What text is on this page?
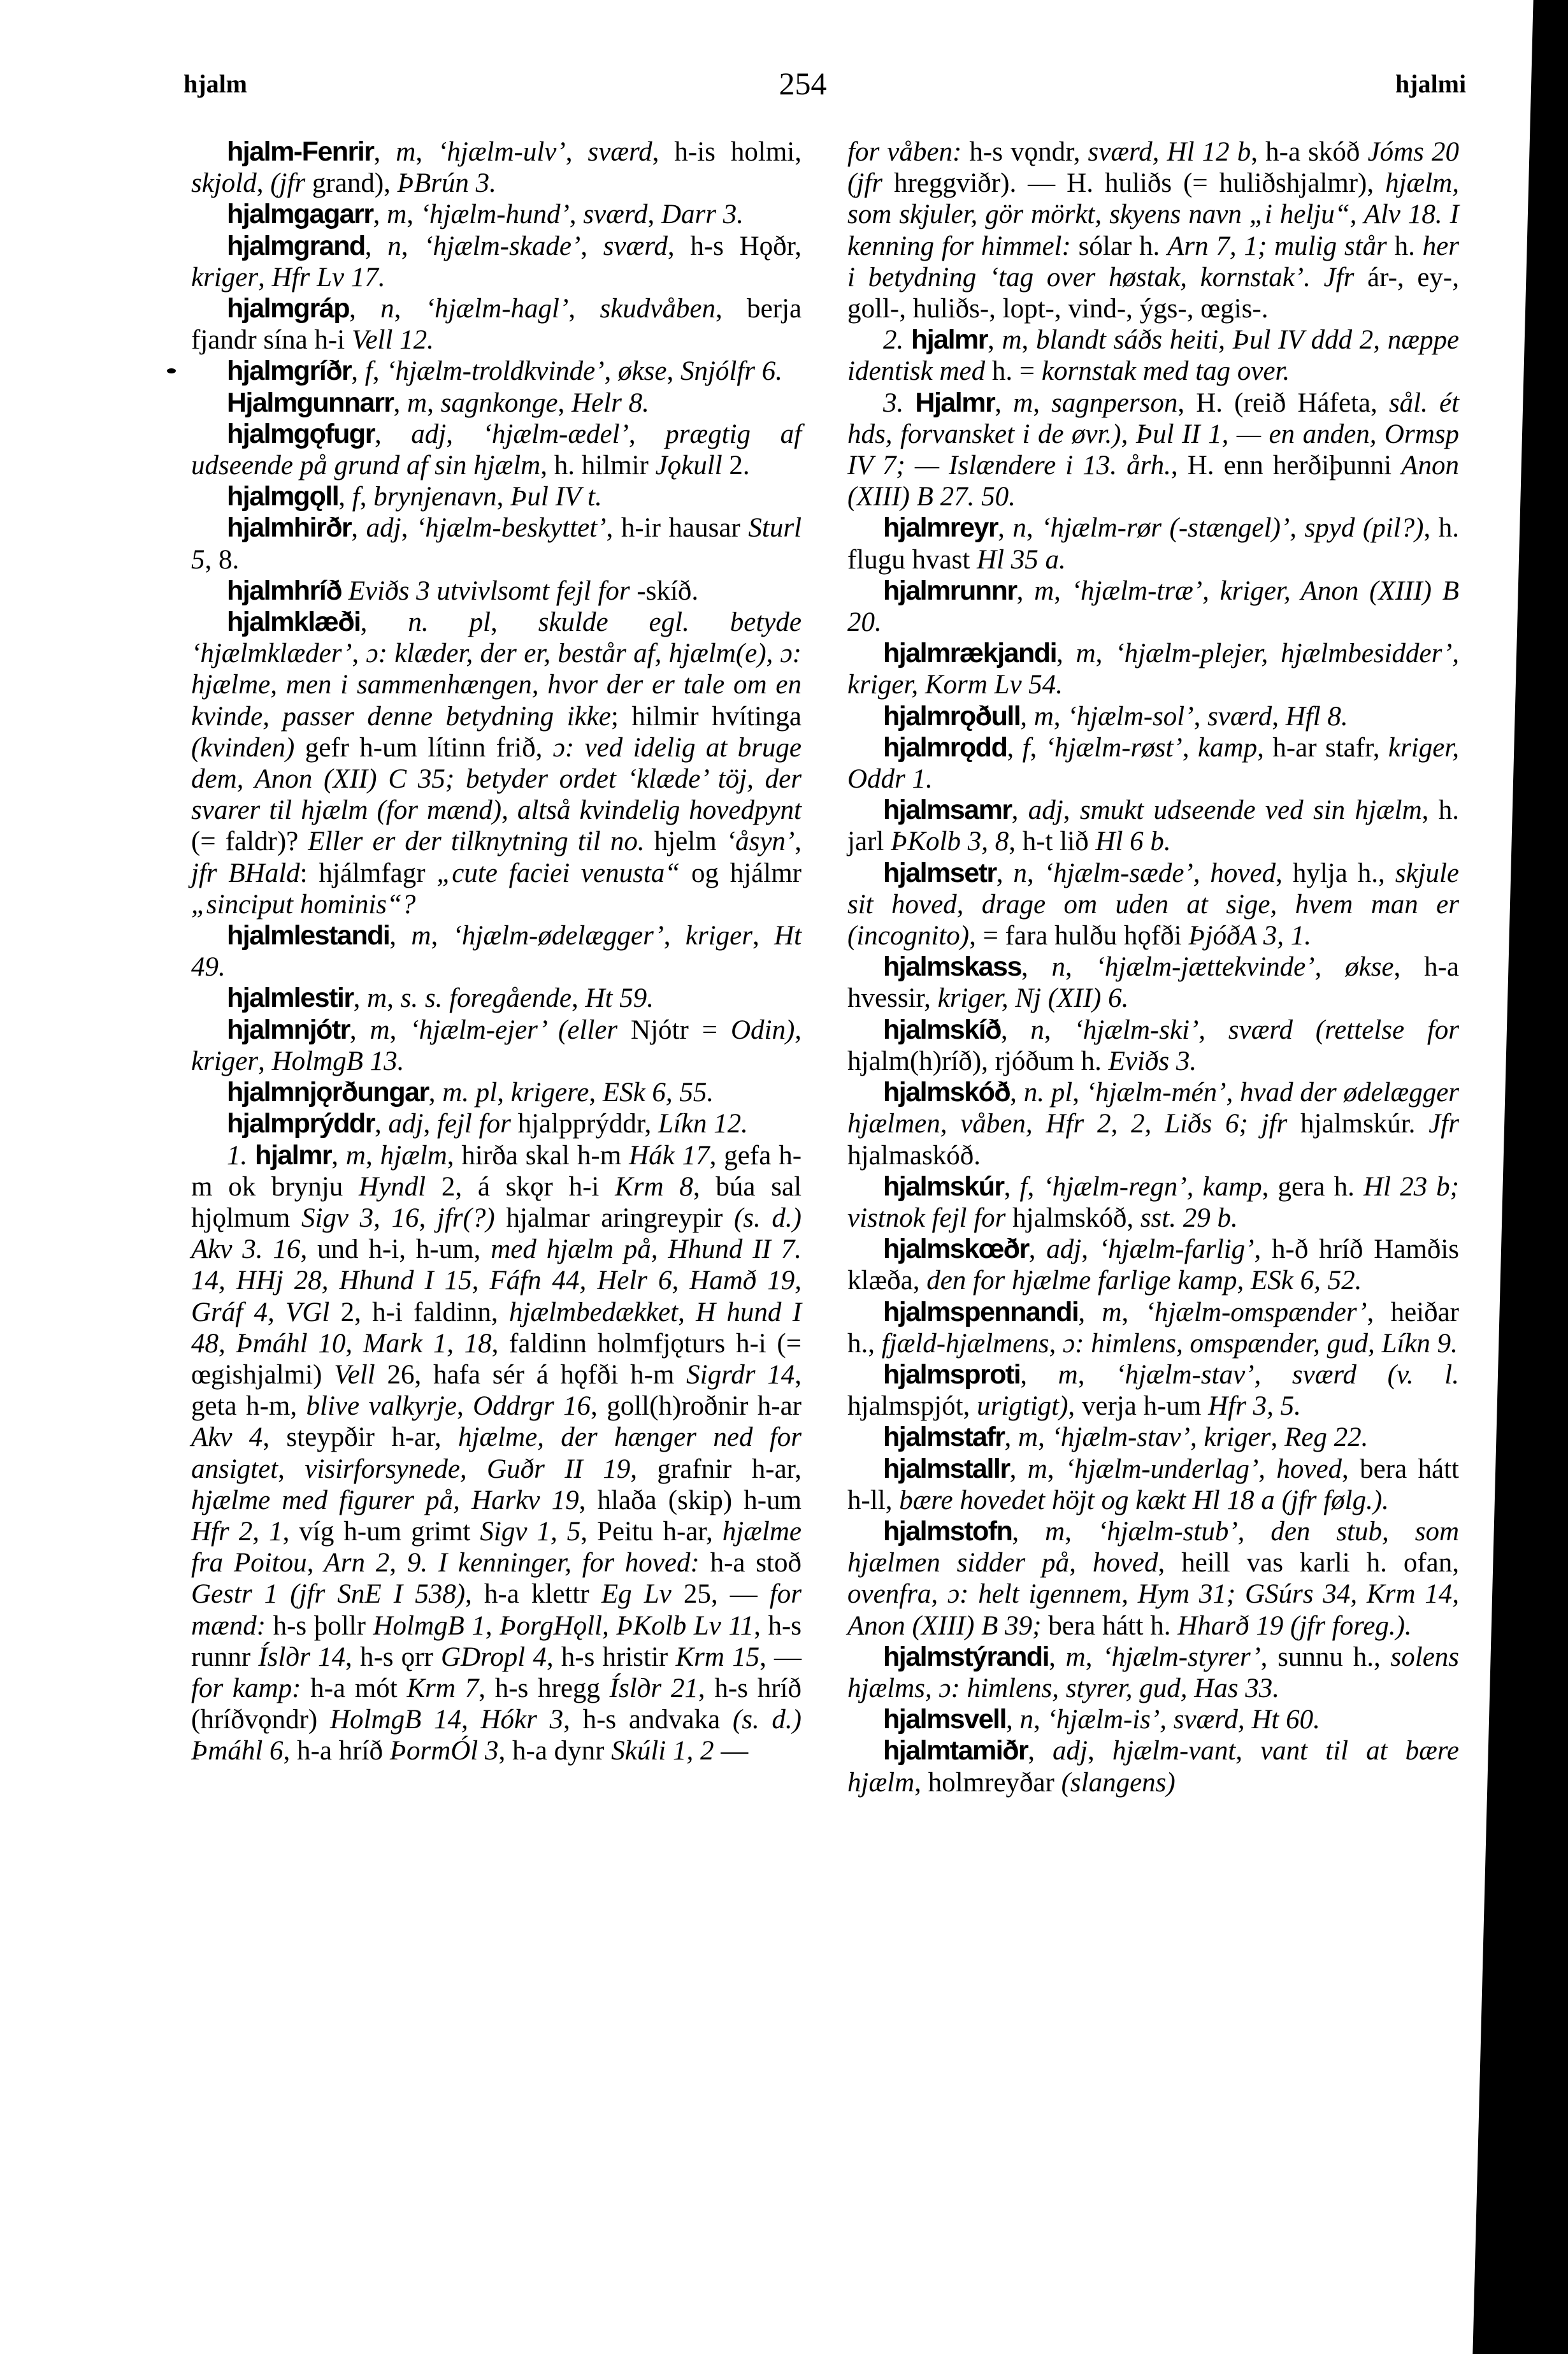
hjalm	254	hjalmi

hjalm-Fenrir, m, ‘hjælm-ulv’, sværd, h-is holmi, skjold, (jfr grand), ÞBrún 3.

hjalmgagarr, m, ‘hjælm-hund’, sværd, Darr 3.

hjalmgrand, n, ‘hjælm-skade’, sværd, h-s Hǫðr, kriger, Hfr Lv 17.

hjalmgráp, n, ‘hjælm-hagl’, skudvåben, berja fjandr sína h-i Vell 12.

hjalmgríðr, f, ‘hjælm-troldkvinde’, økse, Snjólfr 6.

Hjalmgunnarr, m, sagnkonge, Helr 8.

hjalmgǫfugr, adj, ‘hjælm-ædel’, prægtig af udseende på grund af sin hjælm, h. hilmir Jǫkull 2.

hjalmgǫll, f, brynjenavn, Þul IV t.

hjalmhirðr, adj, ‘hjælm-beskyttet’, h-ir hausar Sturl 5, 8.

hjalmhríð Eviðs 3 utvivlsomt fejl for -skíð.

hjalmklæði, n. pl, skulde egl. betyde ‘hjælmklæder’, ɔ: klæder, der er, består af, hjælm(e), ɔ: hjælme, men i sammenhængen, hvor der er tale om en kvinde, passer denne betydning ikke; hilmir hvítinga (kvinden) gefr h-um lítinn frið, ɔ: ved idelig at bruge dem, Anon (XII) C 35; betyder ordet ‘klæde’ töj, der svarer til hjælm (for mænd), altså kvindelig hovedpynt (= faldr)? Eller er der tilknytning til no. hjelm ‘åsyn’, jfr BHald: hjálmfagr „cute faciei venusta“ og hjálmr „sinciput hominis“?

hjalmlestandi, m, ‘hjælm-ødelægger’, kriger, Ht 49.

hjalmlestir, m, s. s. foregående, Ht 59.

hjalmnjótr, m, ‘hjælm-ejer’ (eller Njótr = Odin), kriger, HolmgB 13.

hjalmnjǫrðungar, m. pl, krigere, ESk 6, 55.

hjalmprýddr, adj, fejl for hjalpprýddr, Líkn 12.

1. hjalmr, m, hjælm, hirða skal h-m Hák 17, gefa h-m ok brynju Hyndl 2, á skǫr h-i Krm 8, búa sal hjǫlmum Sigv 3, 16, jfr(?) hjalmar aringreypir (s. d.) Akv 3. 16, und h-i, h-um, med hjælm på, Hhund II 7. 14, HHj 28, Hhund I 15, Fáfn 44, Helr 6, Hamð 19, Gráf 4, VGl 2, h-i faldinn, hjælmbedækket, H hund I 48, Þmáhl 10, Mark 1, 18, faldinn holmfjǫturs h-i (= œgishjalmi) Vell 26, hafa sér á hǫfði h-m Sigrdr 14, geta h-m, blive valkyrje, Oddrgr 16, goll(h)roðnir h-ar Akv 4, steypðir h-ar, hjælme, der hænger ned for ansigtet, visirforsynede, Guðr II 19, grafnir h-ar, hjælme med figurer på, Harkv 19, hlaða (skip) h-um Hfr 2, 1, víg h-um grimt Sigv 1, 5, Peitu h-ar, hjælme fra Poitou, Arn 2, 9. I kenninger, for hoved: h-a stoð Gestr 1 (jfr SnE I 538), h-a klettr Eg Lv 25, — for mænd: h-s þollr HolmgB 1, ÞorgHǫll, ÞKolb Lv 11, h-s runnr Íslдr 14, h-s ǫrr GDropl 4, h-s hristir Krm 15, — for kamp: h-a mót Krm 7, h-s hregg Íslдr 21, h-s hríð (hríðvǫndr) HolmgB 14, Hókr 3, h-s andvaka (s. d.) Þmáhl 6, h-a hríð ÞormÓl 3, h-a dynr Skúli 1, 2 —

for våben: h-s vǫndr, sværd, Hl 12 b, h-a skóð Jóms 20 (jfr hreggviðr). — H. huliðs (= huliðshjalmr), hjælm, som skjuler, gör mörkt, skyens navn „i helju“, Alv 18. I kenning for himmel: sólar h. Arn 7, 1; mulig står h. her i betydning ‘tag over høstak, kornstak’. Jfr ár-, ey-, goll-, huliðs-, lopt-, vind-, ýgs-, œgis-.

2. hjalmr, m, blandt sáðs heiti, Þul IV ddd 2, næppe identisk med h. = kornstak med tag over.

3. Hjalmr, m, sagnperson, H. (reið Háfeta, sål. ét hds, forvansket i de øvr.), Þul II 1, — en anden, Ormsp IV 7; — Islændere i 13. årh., H. enn herðiþunni Anon (XIII) B 27. 50.

hjalmreyr, n, ‘hjælm-rør (-stængel)’, spyd (pil?), h. flugu hvast Hl 35 a.

hjalmrunnr, m, ‘hjælm-træ’, kriger, Anon (XIII) B 20.

hjalmrækjandi, m, ‘hjælm-plejer, hjælmbesidder’, kriger, Korm Lv 54.

hjalmrǫðull, m, ‘hjælm-sol’, sværd, Hfl 8.

hjalmrǫdd, f, ‘hjælm-røst’, kamp, h-ar stafr, kriger, Oddr 1.

hjalmsamr, adj, smukt udseende ved sin hjælm, h. jarl ÞKolb 3, 8, h-t lið Hl 6 b.

hjalmsetr, n, ‘hjælm-sæde’, hoved, hylja h., skjule sit hoved, drage om uden at sige, hvem man er (incognito), = fara hulðu hǫfði ÞjóðA 3, 1.

hjalmskass, n, ‘hjælm-jættekvinde’, økse, h-a hvessir, kriger, Nj (XII) 6.

hjalmskíð, n, ‘hjælm-ski’, sværd (rettelse for hjalm(h)ríð), rjóðum h. Eviðs 3.

hjalmskóð, n. pl, ‘hjælm-mén’, hvad der ødelægger hjælmen, våben, Hfr 2, 2, Liðs 6; jfr hjalmskúr. Jfr hjalmaskóð.

hjalmskúr, f, ‘hjælm-regn’, kamp, gera h. Hl 23 b; vistnok fejl for hjalmskóð, sst. 29 b.

hjalmskœðr, adj, ‘hjælm-farlig’, h-ð hríð Hamðis klæða, den for hjælme farlige kamp, ESk 6, 52.

hjalmspennandi, m, ‘hjælm-omspænder’, heiðar h., fjæld-hjælmens, ɔ: himlens, omspænder, gud, Líkn 9.

hjalmsproti, m, ‘hjælm-stav’, sværd (v. l. hjalmspjót, urigtigt), verja h-um Hfr 3, 5.

hjalmstafr, m, ‘hjælm-stav’, kriger, Reg 22.

hjalmstallr, m, ‘hjælm-underlag’, hoved, bera hátt h-ll, bære hovedet höjt og kækt Hl 18 a (jfr følg.).

hjalmstofn, m, ‘hjælm-stub’, den stub, som hjælmen sidder på, hoved, heill vas karli h. ofan, ovenfra, ɔ: helt igennem, Hym 31; GSúrs 34, Krm 14, Anon (XIII) B 39; bera hátt h. Hharð 19 (jfr foreg.).

hjalmstýrandi, m, ‘hjælm-styrer’, sunnu h., solens hjælms, ɔ: himlens, styrer, gud, Has 33.

hjalmsvell, n, ‘hjælm-is’, sværd, Ht 60.

hjalmtamiðr, adj, hjælm-vant, vant til at bære hjælm, holmreyðar (slangens)
